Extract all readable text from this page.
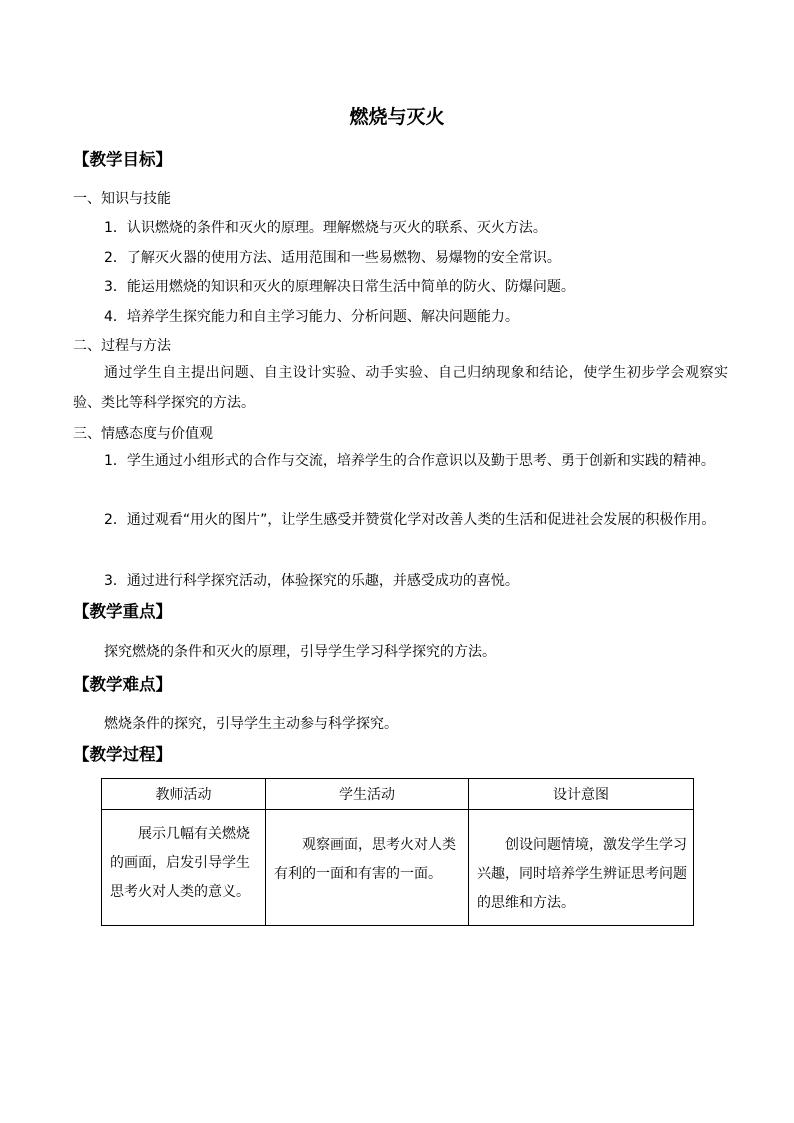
燃烧与灭火
【教学目标】
一、知识与技能
1．认识燃烧的条件和灭火的原理。理解燃烧与灭火的联系、灭火方法。
2．了解灭火器的使用方法、适用范围和一些易燃物、易爆物的安全常识。
3．能运用燃烧的知识和灭火的原理解决日常生活中简单的防火、防爆问题。
4．培养学生探究能力和自主学习能力、分析问题、解决问题能力。
二、过程与方法
通过学生自主提出问题、自主设计实验、动手实验、自己归纳现象和结论，使学生初步学会观察实验、类比等科学探究的方法。
三、情感态度与价值观
1．学生通过小组形式的合作与交流，培养学生的合作意识以及勤于思考、勇于创新和实践的精神。
2．通过观看“用火的图片”，让学生感受并赞赏化学对改善人类的生活和促进社会发展的积极作用。
3．通过进行科学探究活动，体验探究的乐趣，并感受成功的喜悦。
【教学重点】
探究燃烧的条件和灭火的原理，引导学生学习科学探究的方法。
【教学难点】
燃烧条件的探究，引导学生主动参与科学探究。
【教学过程】
教师活动	学生活动	设计意图
展示几幅有关燃烧的画面，启发引导学生思考火对人类的意义。	观察画面，思考火对人类有利的一面和有害的一面。	创设问题情境，激发学生学习兴趣，同时培养学生辨证思考问题的思维和方法。
